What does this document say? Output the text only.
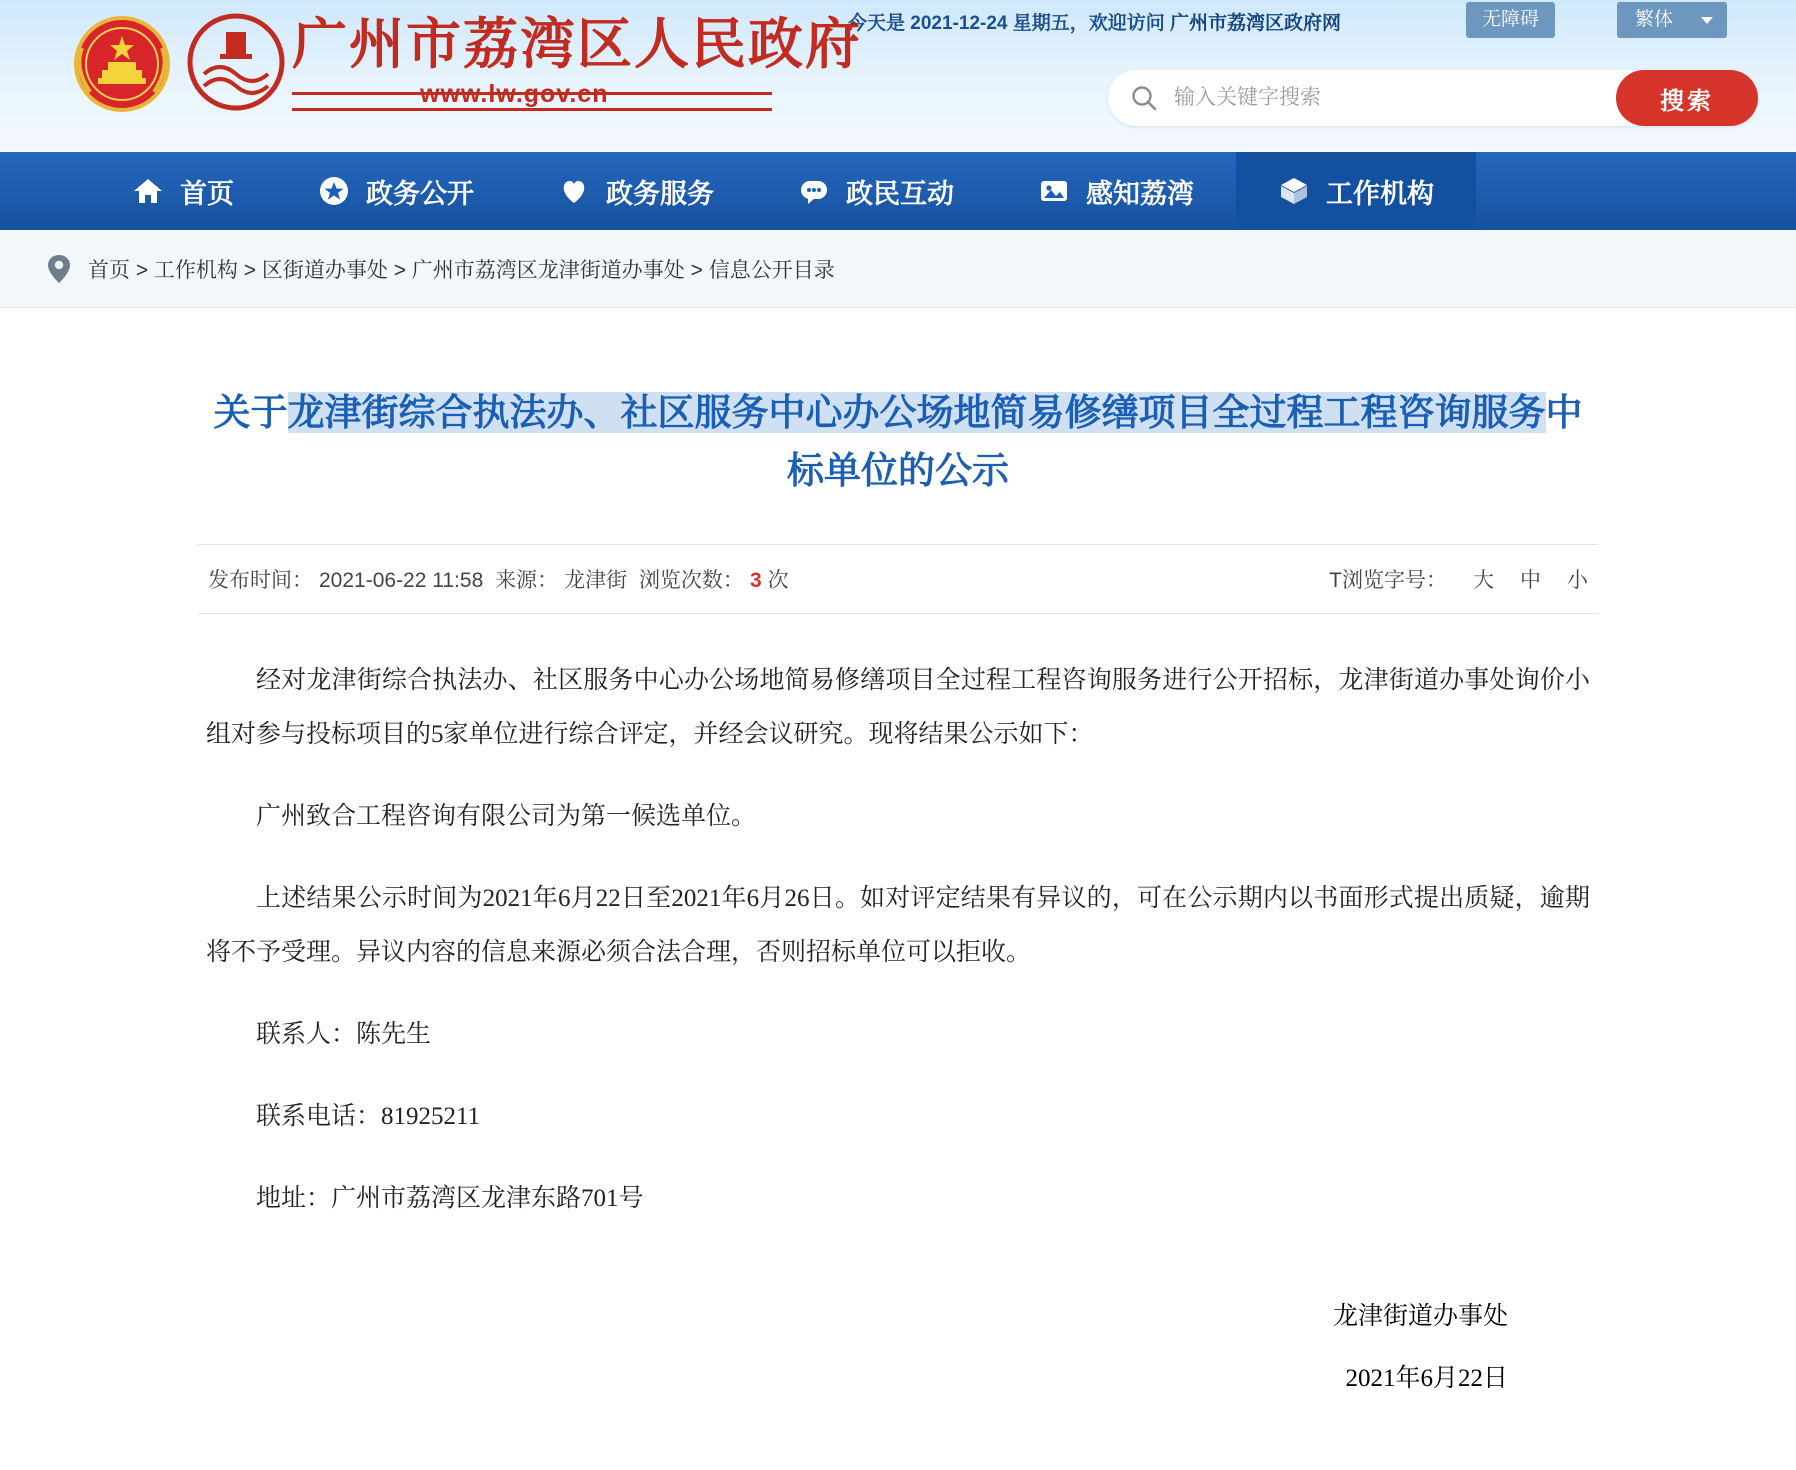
广州市荔湾区人民政府
www.lw.gov.cn
今天是 2021-12-24 星期五，欢迎访问 广州市荔湾区政府网	无障碍	繁体
输入关键字搜索
搜索
首页	政务公开	政务服务	政民互动	感知荔湾	工作机构
首页 > 工作机构 > 区街道办事处 > 广州市荔湾区龙津街道办事处 > 信息公开目录
关于龙津街综合执法办、社区服务中心办公场地简易修缮项目全过程工程咨询服务中标单位的公示
发布时间： 2021-06-22 11:58 来源： 龙津街 浏览次数： 3 次	T浏览字号： 大 中 小

经对龙津街综合执法办、社区服务中心办公场地简易修缮项目全过程工程咨询服务进行公开招标，龙津街道办事处询价小组对参与投标项目的5家单位进行综合评定，并经会议研究。现将结果公示如下：

广州致合工程咨询有限公司为第一候选单位。

上述结果公示时间为2021年6月22日至2021年6月26日。如对评定结果有异议的，可在公示期内以书面形式提出质疑，逾期将不予受理。异议内容的信息来源必须合法合理，否则招标单位可以拒收。

联系人：陈先生

联系电话：81925211

地址：广州市荔湾区龙津东路701号

龙津街道办事处
2021年6月22日
